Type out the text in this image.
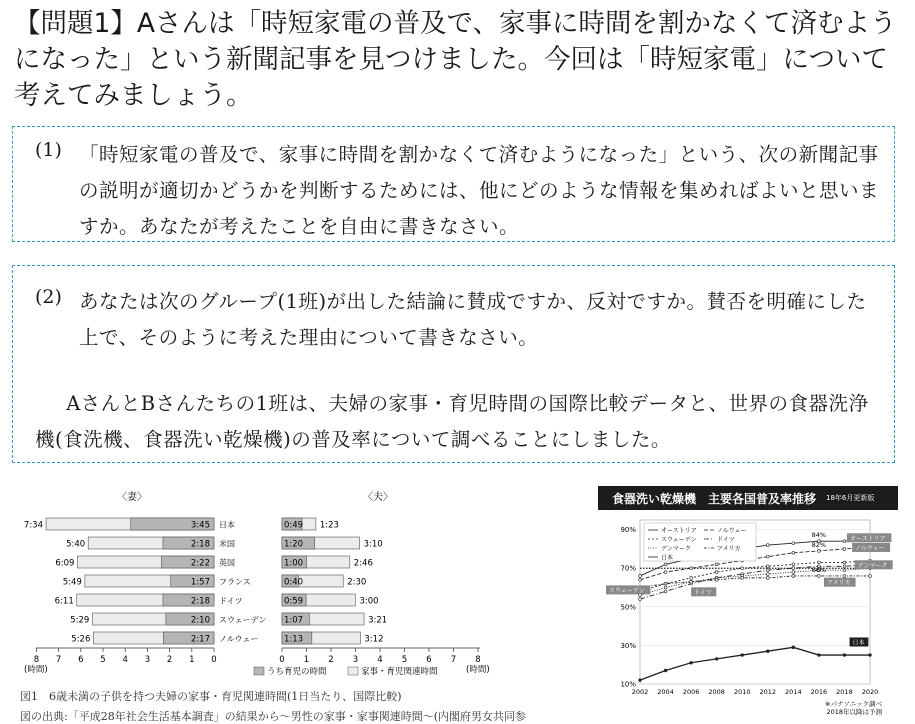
【問題1】Aさんは「時短家電の普及で、家事に時間を割かなくて済むようになった」という新聞記事を見つけました。今回は「時短家電」について考えてみましょう。
(1) 「時短家電の普及で、家事に時間を割かなくて済むようになった」という、次の新聞記事の説明が適切かどうかを判断するためには、他にどのような情報を集めればよいと思いますか。あなたが考えたことを自由に書きなさい。
(2) あなたは次のグループ(1班)が出した結論に賛成ですか、反対ですか。賛否を明確にした上で、そのように考えた理由について書きなさい。
AさんとBさんたちの1班は、夫婦の家事・育児時間の国際比較データと、世界の食器洗浄機(食洗機、食器洗い乾燥機)の普及率について調べることにしました。
〈妻〉	〈夫〉
7:34	3:45 日本	0:49 1:23
5:40	2:18 米国	1:20	3:10
6:09	2:22 英国	1:00	2:46
5:49	1:57 フランス	0:40	2:30
6:11	2:18 ドイツ	0:59	3:00
5:29	2:10 スウェーデン 1:07	3:21
5:26	2:17 ノルウェー	1:13	3:12
8 7 6 5 4 3 2 1 0	0 1 2 3 4 5 6 7 8
(時間)	(時間)
うち育児の時間	家事・育児関連時間
図1　6歳未満の子供を持つ夫婦の家事・育児関連時間(1日当たり、国際比較)
図の出典:「平成28年社会生活基本調査」の結果から～男性の家事・家事関連時間～(内閣府男女共同参
食器洗い乾燥機　主要各国普及率推移 18年6月更新版
10%
30%
50%
70%
90%
2002 2004 2006 2008 2010 2012 2014 2016 2018 2020
84%
82%
66%
オーストリア	ノルウェー
スウェーデン	ドイツ
デンマーク	アメリカ
日本
オーストリア
ノルウェー
デンマーク
スウェーデン	ドイツ
アメリカ
日本
※パナソニック調べ
2018年以降は予測
